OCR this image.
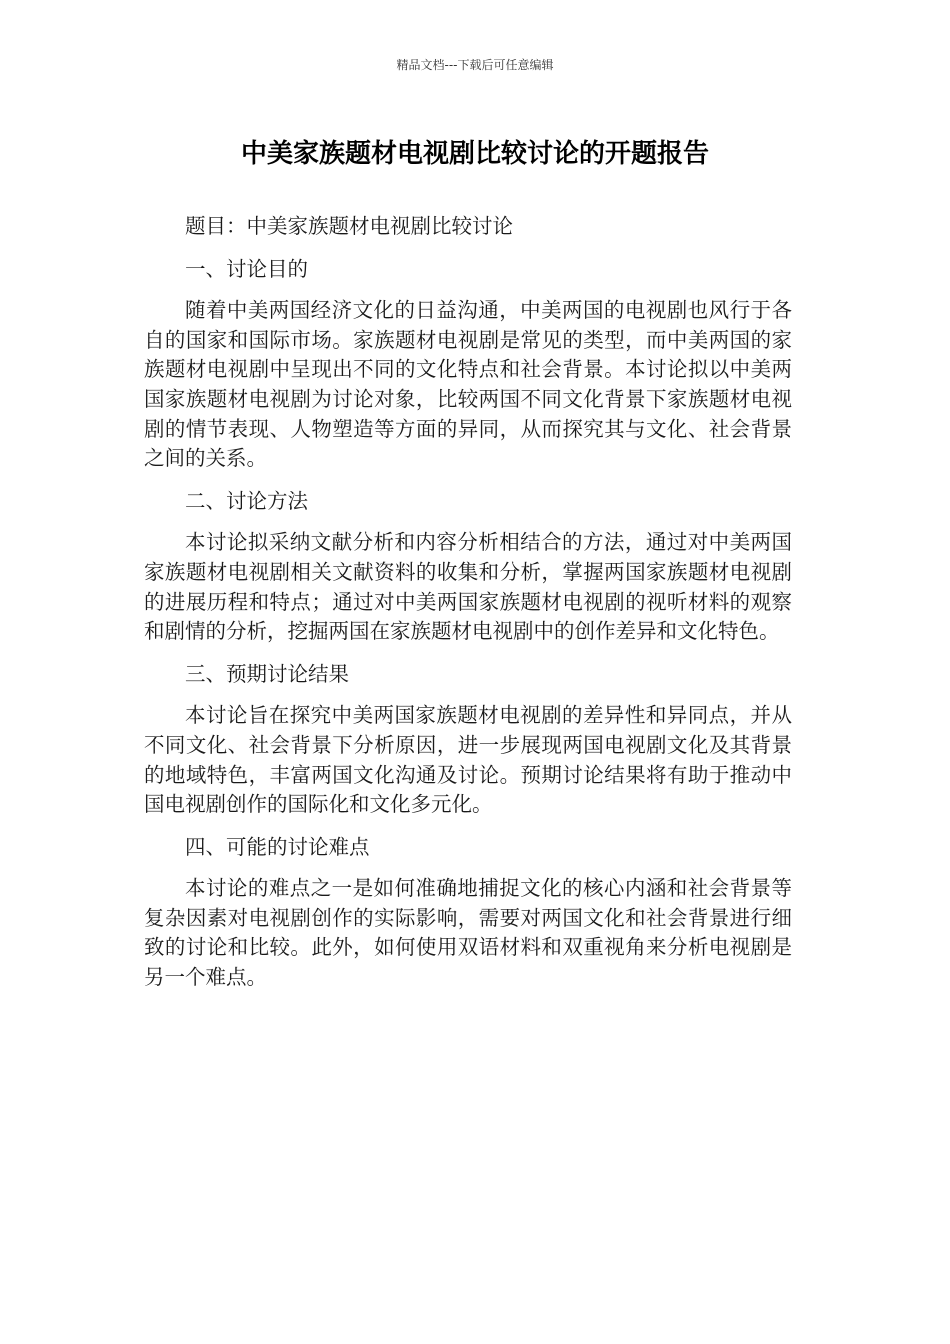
精品文档---下载后可任意编辑
中美家族题材电视剧比较讨论的开题报告

题目：中美家族题材电视剧比较讨论

一、讨论目的

随着中美两国经济文化的日益沟通，中美两国的电视剧也风行于各自的国家和国际市场。家族题材电视剧是常见的类型，而中美两国的家族题材电视剧中呈现出不同的文化特点和社会背景。本讨论拟以中美两国家族题材电视剧为讨论对象，比较两国不同文化背景下家族题材电视剧的情节表现、人物塑造等方面的异同，从而探究其与文化、社会背景之间的关系。

二、讨论方法

本讨论拟采纳文献分析和内容分析相结合的方法，通过对中美两国家族题材电视剧相关文献资料的收集和分析，掌握两国家族题材电视剧的进展历程和特点；通过对中美两国家族题材电视剧的视听材料的观察和剧情的分析，挖掘两国在家族题材电视剧中的创作差异和文化特色。

三、预期讨论结果

本讨论旨在探究中美两国家族题材电视剧的差异性和异同点，并从不同文化、社会背景下分析原因，进一步展现两国电视剧文化及其背景的地域特色，丰富两国文化沟通及讨论。预期讨论结果将有助于推动中国电视剧创作的国际化和文化多元化。

四、可能的讨论难点

本讨论的难点之一是如何准确地捕捉文化的核心内涵和社会背景等复杂因素对电视剧创作的实际影响，需要对两国文化和社会背景进行细致的讨论和比较。此外，如何使用双语材料和双重视角来分析电视剧是另一个难点。
